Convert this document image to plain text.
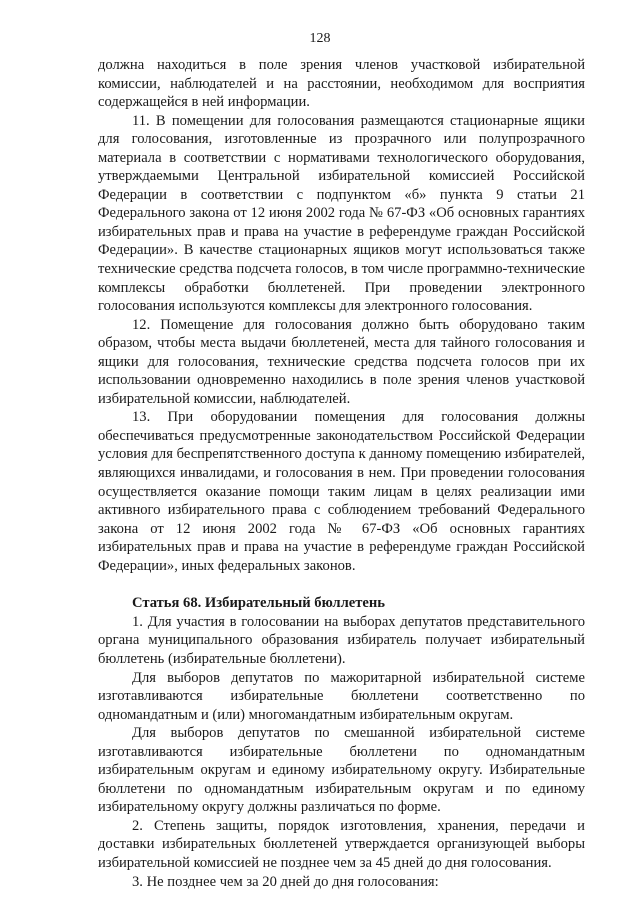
128

должна находиться в поле зрения членов участковой избирательной комиссии, наблюдателей и на расстоянии, необходимом для восприятия содержащейся в ней информации.

11. В помещении для голосования размещаются стационарные ящики для голосования, изготовленные из прозрачного или полупрозрачного материала в соответствии с нормативами технологического оборудования, утверждаемыми Центральной избирательной комиссией Российской Федерации в соответствии с подпунктом «б» пункта 9 статьи 21 Федерального закона от 12 июня 2002 года № 67-ФЗ «Об основных гарантиях избирательных прав и права на участие в референдуме граждан Российской Федерации». В качестве стационарных ящиков могут использоваться также технические средства подсчета голосов, в том числе программно-технические комплексы обработки бюллетеней. При проведении электронного голосования используются комплексы для электронного голосования.

12. Помещение для голосования должно быть оборудовано таким образом, чтобы места выдачи бюллетеней, места для тайного голосования и ящики для голосования, технические средства подсчета голосов при их использовании одновременно находились в поле зрения членов участковой избирательной комиссии, наблюдателей.

13. При оборудовании помещения для голосования должны обеспечиваться предусмотренные законодательством Российской Федерации условия для беспрепятственного доступа к данному помещению избирателей, являющихся инвалидами, и голосования в нем. При проведении голосования осуществляется оказание помощи таким лицам в целях реализации ими активного избирательного права с соблюдением требований Федерального закона от 12 июня 2002 года № 67-ФЗ «Об основных гарантиях избирательных прав и права на участие в референдуме граждан Российской Федерации», иных федеральных законов.

Статья 68. Избирательный бюллетень

1. Для участия в голосовании на выборах депутатов представительного органа муниципального образования избиратель получает избирательный бюллетень (избирательные бюллетени).

Для выборов депутатов по мажоритарной избирательной системе изготавливаются избирательные бюллетени соответственно по одномандатным и (или) многомандатным избирательным округам.

Для выборов депутатов по смешанной избирательной системе изготавливаются избирательные бюллетени по одномандатным избирательным округам и единому избирательному округу. Избирательные бюллетени по одномандатным избирательным округам и по единому избирательному округу должны различаться по форме.

2. Степень защиты, порядок изготовления, хранения, передачи и доставки избирательных бюллетеней утверждается организующей выборы избирательной комиссией не позднее чем за 45 дней до дня голосования.

3. Не позднее чем за 20 дней до дня голосования:
